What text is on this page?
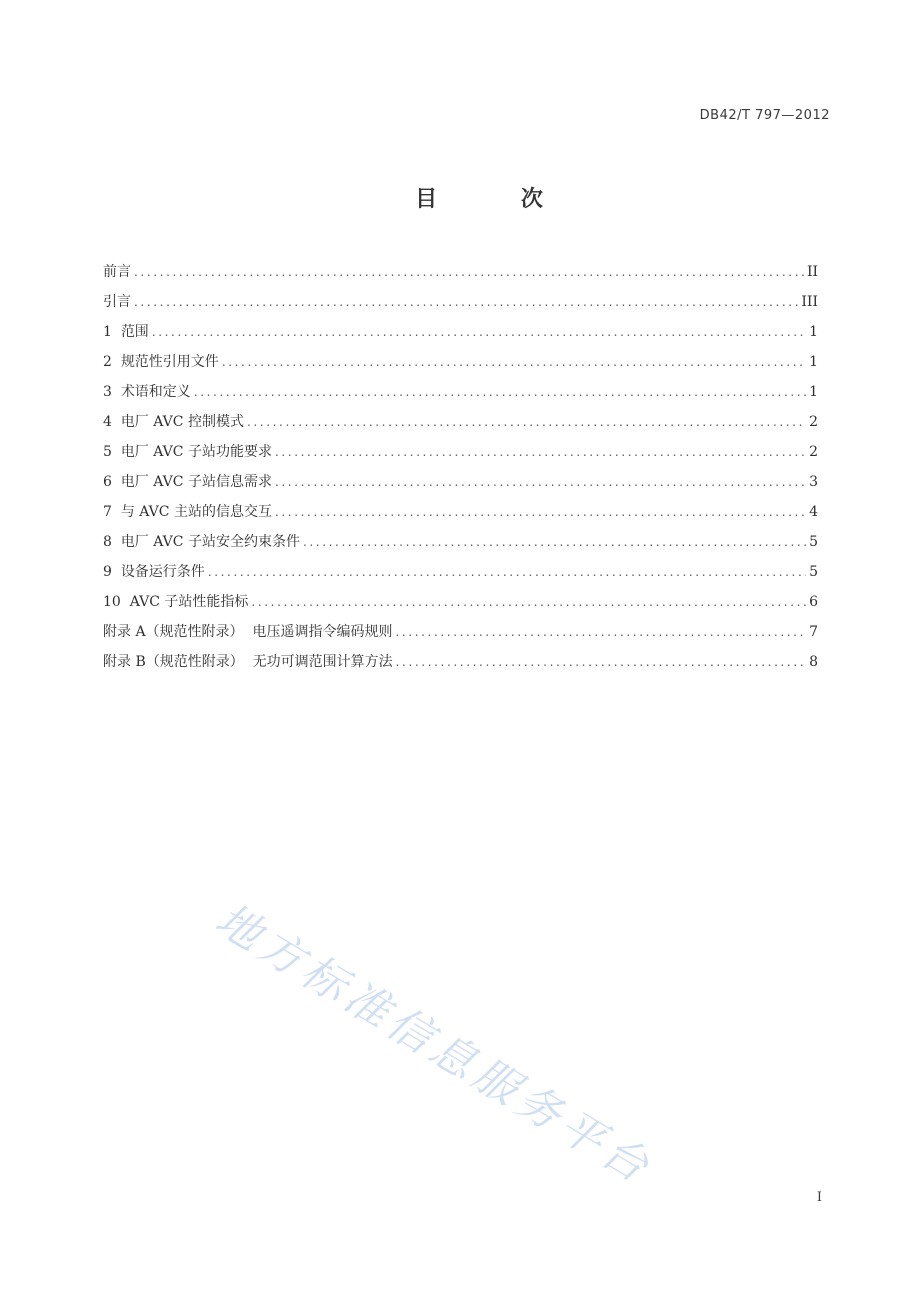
DB42/T 797—2012
目 次
前言 .....	II
引言 .....	III
1 范围 .....	1
2 规范性引用文件 .....	1
3 术语和定义 .....	1
4 电厂 AVC 控制模式 .....	2
5 电厂 AVC 子站功能要求 .....	2
6 电厂 AVC 子站信息需求 .....	3
7 与 AVC 主站的信息交互 .....	4
8 电厂 AVC 子站安全约束条件 .....	5
9 设备运行条件 .....	5
10 AVC 子站性能指标 .....	6
附录 A（规范性附录）  电压遥调指令编码规则 .....	7
附录 B（规范性附录）  无功可调范围计算方法 .....	8
地方标准信息服务平台
I
